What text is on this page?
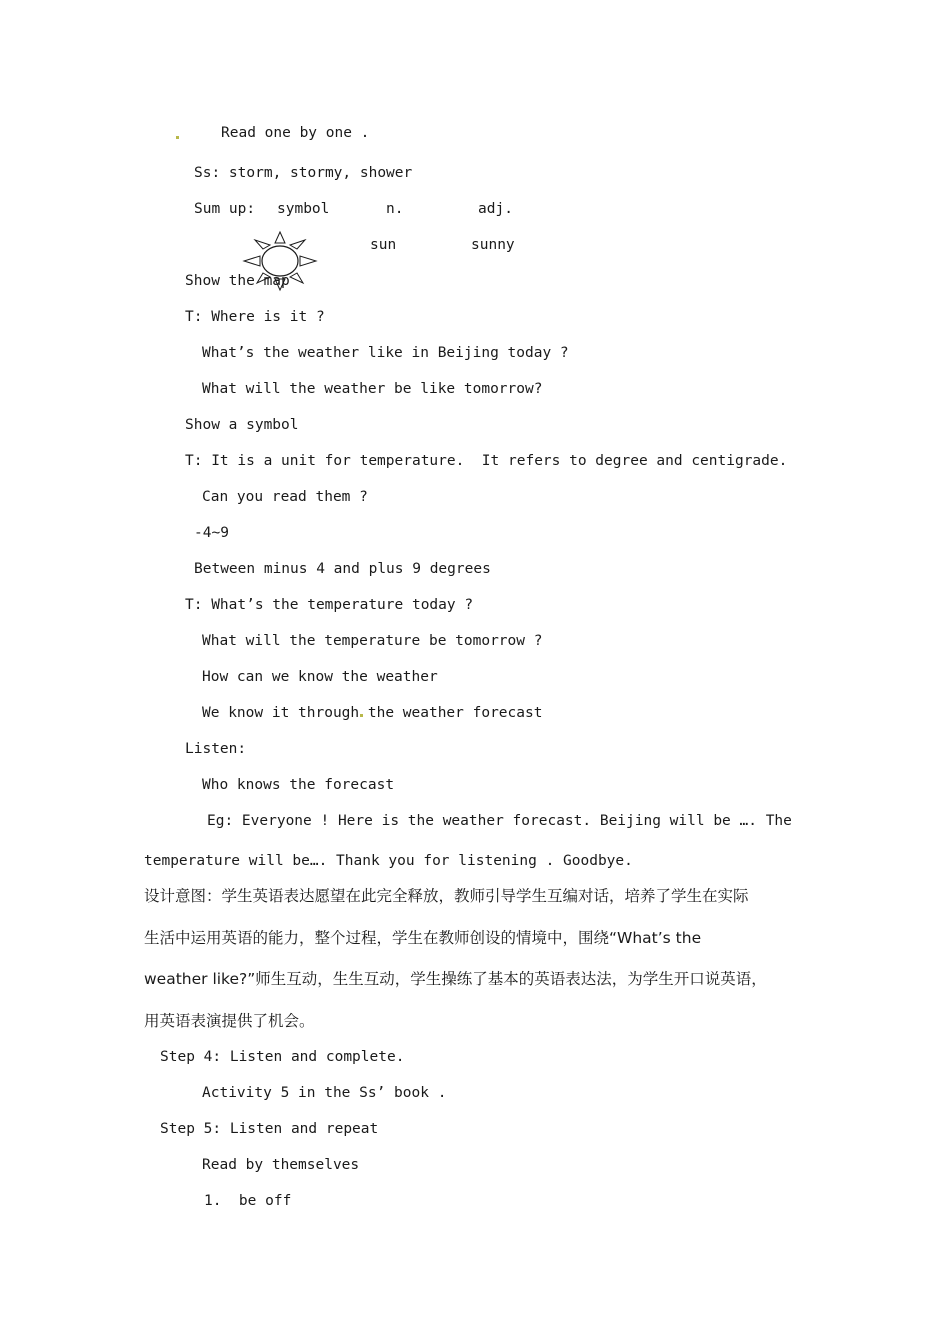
Read one by one .
Ss: storm, stormy, shower
Sum up: symbol	n.	adj.
sun	sunny
Show the map
T: Where is it ?
What’s the weather like in Beijing today ?
What will the weather be like tomorrow?
Show a symbol
T: It is a unit for temperature.  It refers to degree and centigrade.
Can you read them ?
-4~9
Between minus 4 and plus 9 degrees
T: What’s the temperature today ?
What will the temperature be tomorrow ?
How can we know the weather
We know it through the weather forecast
Listen:
Who knows the forecast
Eg: Everyone ! Here is the weather forecast. Beijing will be …. The
temperature will be…. Thank you for listening . Goodbye.
设计意图：学生英语表达愿望在此完全释放，教师引导学生互编对话，培养了学生在实际
生活中运用英语的能力，整个过程，学生在教师创设的情境中，围绕“What’s the
weather like?”师生互动，生生互动，学生操练了基本的英语表达法，为学生开口说英语，
用英语表演提供了机会。
Step 4: Listen and complete.
Activity 5 in the Ss’ book .
Step 5: Listen and repeat
Read by themselves
1.  be off
